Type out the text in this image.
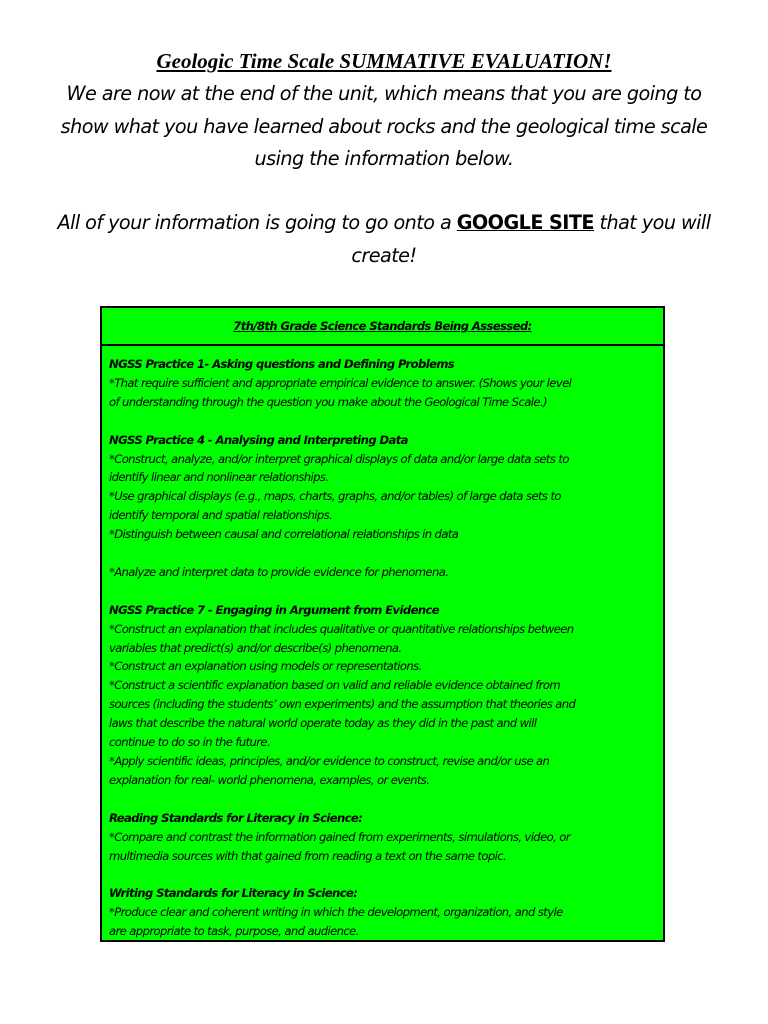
Geologic Time Scale SUMMATIVE EVALUATION!

We are now at the end of the unit, which means that you are going to
show what you have learned about rocks and the geological time scale
using the information below.

All of your information is going to go onto a GOOGLE SITE that you will
create!

7th/8th Grade Science Standards Being Assessed:
NGSS Practice 1- Asking questions and Defining Problems
*That require sufficient and appropriate empirical evidence to answer. (Shows your level
of understanding through the question you make about the Geological Time Scale.)
NGSS Practice 4 - Analysing and Interpreting Data
*Construct, analyze, and/or interpret graphical displays of data and/or large data sets to
identify linear and nonlinear relationships.
*Use graphical displays (e.g., maps, charts, graphs, and/or tables) of large data sets to
identify temporal and spatial relationships.
*Distinguish between causal and correlational relationships in data
*Analyze and interpret data to provide evidence for phenomena.
NGSS Practice 7 - Engaging in Argument from Evidence
*Construct an explanation that includes qualitative or quantitative relationships between
variables that predict(s) and/or describe(s) phenomena.
*Construct an explanation using models or representations.
*Construct a scientific explanation based on valid and reliable evidence obtained from
sources (including the students’ own experiments) and the assumption that theories and
laws that describe the natural world operate today as they did in the past and will
continue to do so in the future.
*Apply scientific ideas, principles, and/or evidence to construct, revise and/or use an
explanation for real- world phenomena, examples, or events.
Reading Standards for Literacy in Science:
*Compare and contrast the information gained from experiments, simulations, video, or
multimedia sources with that gained from reading a text on the same topic.
Writing Standards for Literacy in Science:
*Produce clear and coherent writing in which the development, organization, and style
are appropriate to task, purpose, and audience.
